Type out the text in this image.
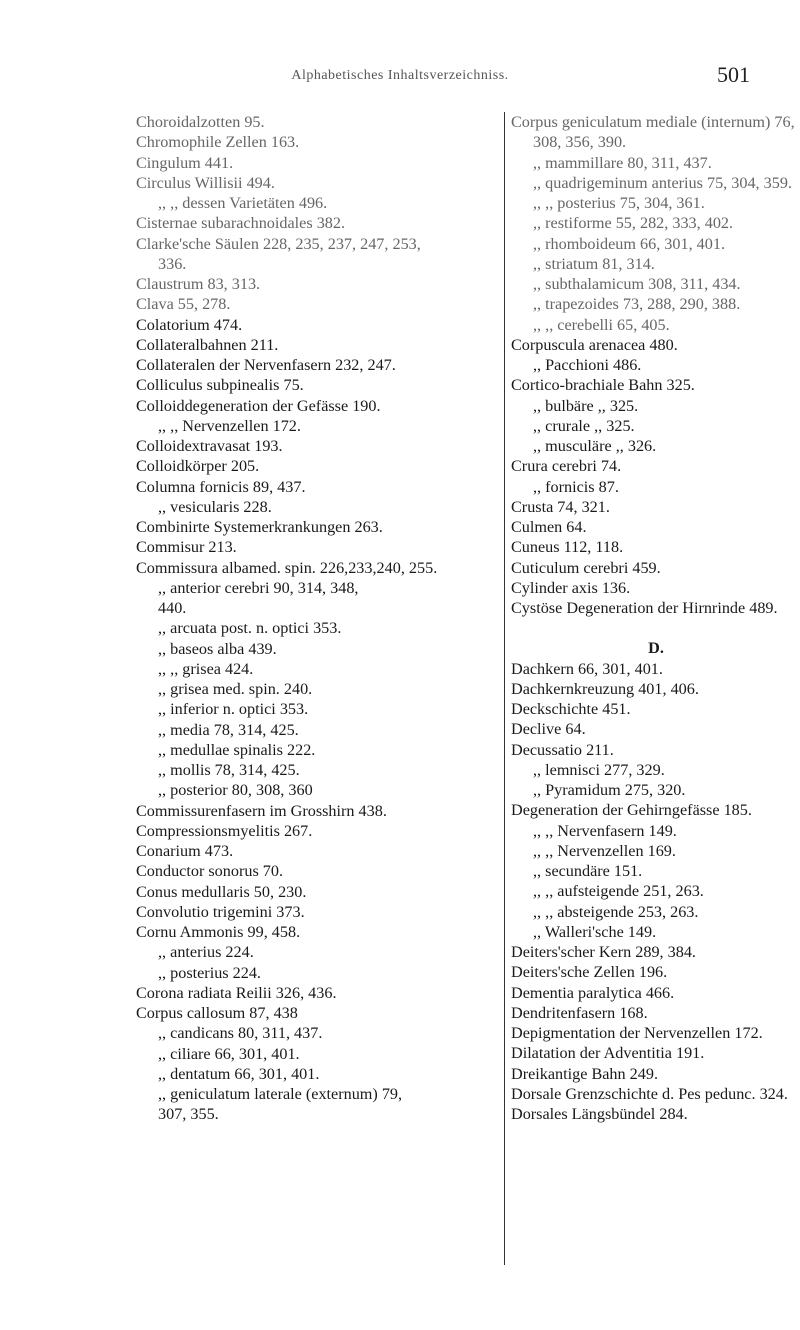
Alphabetisches Inhaltsverzeichniss.	501
Choroidalzotten 95.
Chromophile Zellen 163.
Cingulum 441.
Circulus Willisii 494.
,, ,, dessen Varietäten 496.
Cisternae subarachnoidales 382.
Clarke'sche Säulen 228, 235, 237, 247, 253,
336.
Claustrum 83, 313.
Clava 55, 278.
Colatorium 474.
Collateralbahnen 211.
Collateralen der Nervenfasern 232, 247.
Colliculus subpinealis 75.
Colloiddegeneration der Gefässe 190.
,, ,, Nervenzellen 172.
Colloidextravasat 193.
Colloidkörper 205.
Columna fornicis 89, 437.
,, vesicularis 228.
Combinirte Systemerkrankungen 263.
Commisur 213.
Commissura albamed. spin. 226,233,240, 255.
,, anterior cerebri 90, 314, 348,
440.
,, arcuata post. n. optici 353.
,, baseos alba 439.
,, ,, grisea 424.
,, grisea med. spin. 240.
,, inferior n. optici 353.
,, media 78, 314, 425.
,, medullae spinalis 222.
,, mollis 78, 314, 425.
,, posterior 80, 308, 360
Commissurenfasern im Grosshirn 438.
Compressionsmyelitis 267.
Conarium 473.
Conductor sonorus 70.
Conus medullaris 50, 230.
Convolutio trigemini 373.
Cornu Ammonis 99, 458.
,, anterius 224.
,, posterius 224.
Corona radiata Reilii 326, 436.
Corpus callosum 87, 438
,, candicans 80, 311, 437.
,, ciliare 66, 301, 401.
,, dentatum 66, 301, 401.
,, geniculatum laterale (externum) 79,
307, 355.
Corpus geniculatum mediale (internum) 76,
308, 356, 390.
,, mammillare 80, 311, 437.
,, quadrigeminum anterius 75, 304, 359.
,, ,, posterius 75, 304, 361.
,, restiforme 55, 282, 333, 402.
,, rhomboideum 66, 301, 401.
,, striatum 81, 314.
,, subthalamicum 308, 311, 434.
,, trapezoides 73, 288, 290, 388.
,, ,, cerebelli 65, 405.
Corpuscula arenacea 480.
,, Pacchioni 486.
Cortico-brachiale Bahn 325.
,, bulbäre ,, 325.
,, crurale ,, 325.
,, musculäre ,, 326.
Crura cerebri 74.
,, fornicis 87.
Crusta 74, 321.
Culmen 64.
Cuneus 112, 118.
Cuticulum cerebri 459.
Cylinder axis 136.
Cystöse Degeneration der Hirnrinde 489.
D.
Dachkern 66, 301, 401.
Dachkernkreuzung 401, 406.
Deckschichte 451.
Declive 64.
Decussatio 211.
,, lemnisci 277, 329.
,, Pyramidum 275, 320.
Degeneration der Gehirngefässe 185.
,, ,, Nervenfasern 149.
,, ,, Nervenzellen 169.
,, secundäre 151.
,, ,, aufsteigende 251, 263.
,, ,, absteigende 253, 263.
,, Walleri'sche 149.
Deiters'scher Kern 289, 384.
Deiters'sche Zellen 196.
Dementia paralytica 466.
Dendritenfasern 168.
Depigmentation der Nervenzellen 172.
Dilatation der Adventitia 191.
Dreikantige Bahn 249.
Dorsale Grenzschichte d. Pes pedunc. 324.
Dorsales Längsbündel 284.
